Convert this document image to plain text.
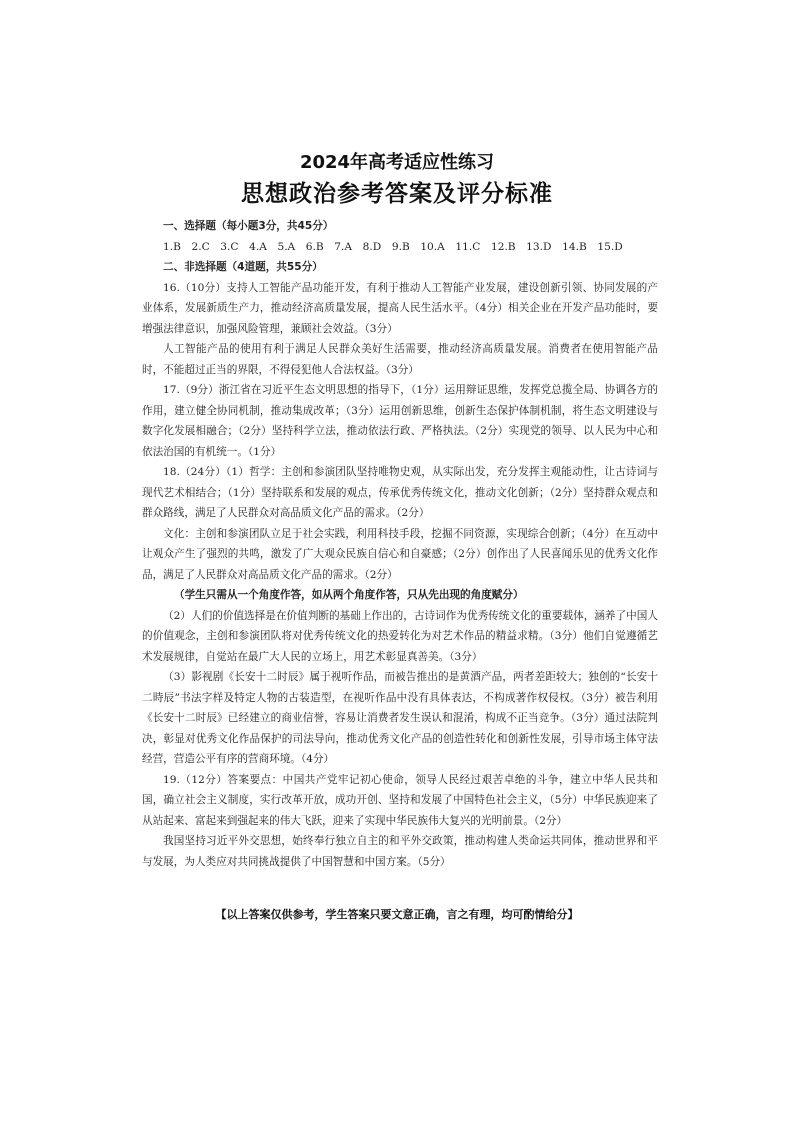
2024年高考适应性练习
思想政治参考答案及评分标准

一、选择题（每小题3分，共45分）

1.B　2.C　3.C　4.A　5.A　6.B　7.A　8.D　9.B　10.A　11.C　12.B　13.D　14.B　15.D

二、非选择题（4道题，共55分）

16.（10分）支持人工智能产品功能开发，有利于推动人工智能产业发展，建设创新引领、协同发展的产业体系，发展新质生产力，推动经济高质量发展，提高人民生活水平。（4分）相关企业在开发产品功能时，要增强法律意识，加强风险管理，兼顾社会效益。（3分）

人工智能产品的使用有利于满足人民群众美好生活需要，推动经济高质量发展。消费者在使用智能产品时，不能超过正当的界限，不得侵犯他人合法权益。（3分）

17.（9分）浙江省在习近平生态文明思想的指导下，（1分）运用辩证思维，发挥党总揽全局、协调各方的作用，建立健全协同机制，推动集成改革；（3分）运用创新思维，创新生态保护体制机制，将生态文明建设与数字化发展相融合；（2分）坚持科学立法，推动依法行政、严格执法。（2分）实现党的领导、以人民为中心和依法治国的有机统一。（1分）

18.（24分）（1）哲学：主创和参演团队坚持唯物史观，从实际出发，充分发挥主观能动性，让古诗词与现代艺术相结合；（1分）坚持联系和发展的观点，传承优秀传统文化，推动文化创新；（2分）坚持群众观点和群众路线，满足了人民群众对高品质文化产品的需求。（2分）

文化：主创和参演团队立足于社会实践，利用科技手段，挖掘不同资源，实现综合创新；（4分）在互动中让观众产生了强烈的共鸣，激发了广大观众民族自信心和自豪感；（2分）创作出了人民喜闻乐见的优秀文化作品，满足了人民群众对高品质文化产品的需求。（2分）

（学生只需从一个角度作答，如从两个角度作答，只从先出现的角度赋分）

（2）人们的价值选择是在价值判断的基础上作出的，古诗词作为优秀传统文化的重要载体，涵养了中国人的价值观念，主创和参演团队将对优秀传统文化的热爱转化为对艺术作品的精益求精。（3分）他们自觉遵循艺术发展规律，自觉站在最广大人民的立场上，用艺术彰显真善美。（3分）

（3）影视剧《长安十二时辰》属于视听作品，而被告推出的是黄酒产品，两者差距较大；独创的“长安十二時辰”书法字样及特定人物的古装造型，在视听作品中没有具体表达，不构成著作权侵权。（3分）被告利用《长安十二时辰》已经建立的商业信誉，容易让消费者发生误认和混淆，构成不正当竞争。（3分）通过法院判决，彰显对优秀文化作品保护的司法导向，推动优秀文化产品的创造性转化和创新性发展，引导市场主体守法经营，营造公平有序的营商环境。（4分）

19.（12分）答案要点：中国共产党牢记初心使命，领导人民经过艰苦卓绝的斗争，建立中华人民共和国，确立社会主义制度，实行改革开放，成功开创、坚持和发展了中国特色社会主义，（5分）中华民族迎来了从站起来、富起来到强起来的伟大飞跃，迎来了实现中华民族伟大复兴的光明前景。（2分）

我国坚持习近平外交思想，始终奉行独立自主的和平外交政策，推动构建人类命运共同体，推动世界和平与发展，为人类应对共同挑战提供了中国智慧和中国方案。（5分）

【以上答案仅供参考，学生答案只要文意正确，言之有理，均可酌情给分】
